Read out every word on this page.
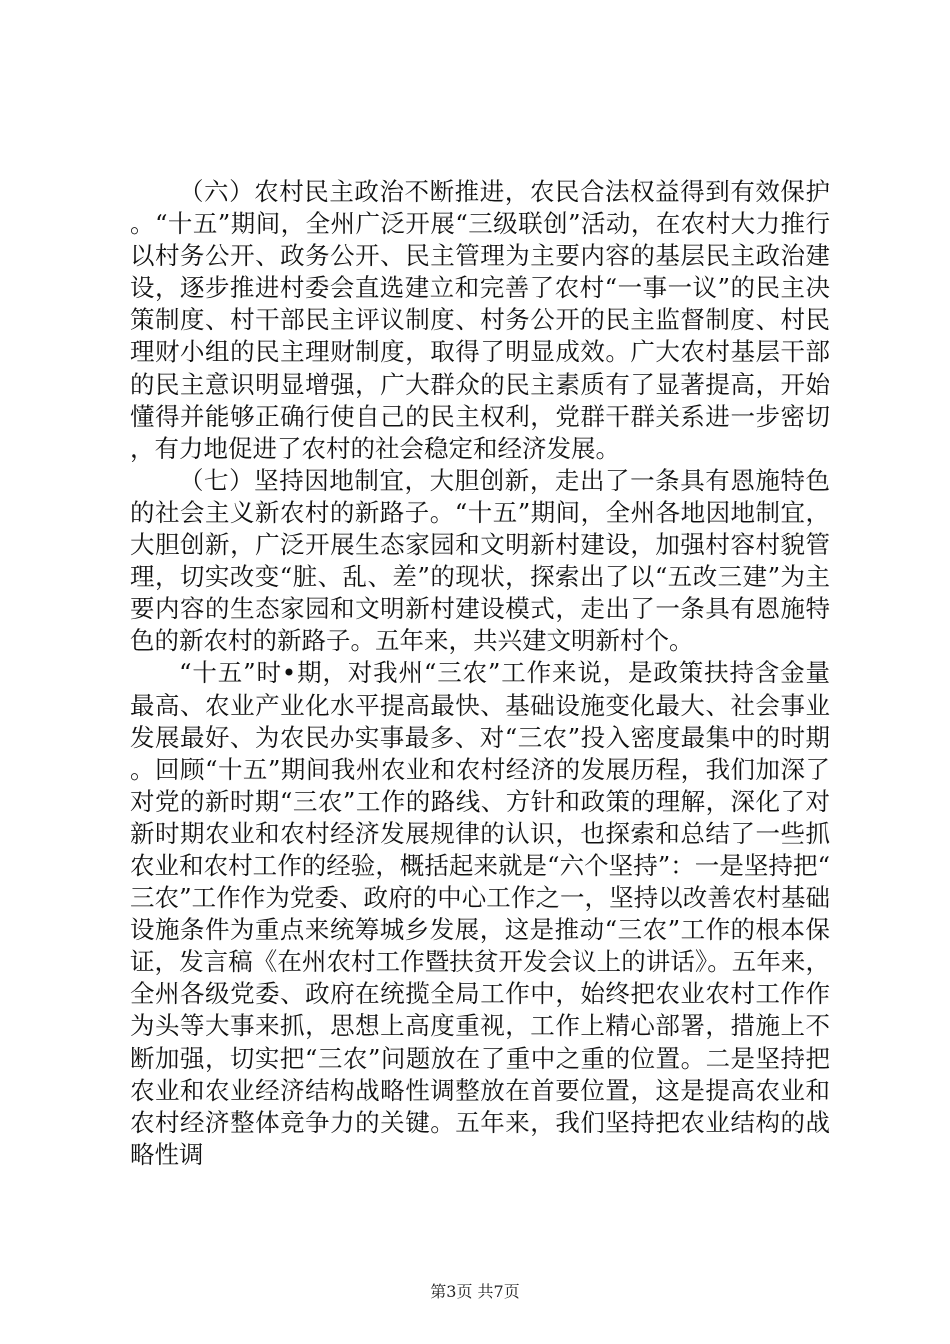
（六）农村民主政治不断推进，农民合法权益得到有效保护。“十五”期间，全州广泛开展“三级联创”活动，在农村大力推行以村务公开、政务公开、民主管理为主要内容的基层民主政治建设，逐步推进村委会直选建立和完善了农村“一事一议”的民主决策制度、村干部民主评议制度、村务公开的民主监督制度、村民理财小组的民主理财制度，取得了明显成效。广大农村基层干部的民主意识明显增强，广大群众的民主素质有了显著提高，开始懂得并能够正确行使自己的民主权利，党群干群关系进一步密切，有力地促进了农村的社会稳定和经济发展。

（七）坚持因地制宜，大胆创新，走出了一条具有恩施特色的社会主义新农村的新路子。“十五”期间，全州各地因地制宜，大胆创新，广泛开展生态家园和文明新村建设，加强村容村貌管理，切实改变“脏、乱、差”的现状，探索出了以“五改三建”为主要内容的生态家园和文明新村建设模式，走出了一条具有恩施特色的新农村的新路子。五年来，共兴建文明新村个。

“十五”时•期，对我州“三农”工作来说，是政策扶持含金量最高、农业产业化水平提高最快、基础设施变化最大、社会事业发展最好、为农民办实事最多、对“三农”投入密度最集中的时期。回顾“十五”期间我州农业和农村经济的发展历程，我们加深了对党的新时期“三农”工作的路线、方针和政策的理解，深化了对新时期农业和农村经济发展规律的认识，也探索和总结了一些抓农业和农村工作的经验，概括起来就是“六个坚持”：一是坚持把“三农”工作作为党委、政府的中心工作之一，坚持以改善农村基础设施条件为重点来统筹城乡发展，这是推动“三农”工作的根本保证，发言稿《在州农村工作暨扶贫开发会议上的讲话》。五年来，全州各级党委、政府在统揽全局工作中，始终把农业农村工作作为头等大事来抓，思想上高度重视，工作上精心部署，措施上不断加强，切实把“三农”问题放在了重中之重的位置。二是坚持把农业和农业经济结构战略性调整放在首要位置，这是提高农业和农村经济整体竞争力的关键。五年来，我们坚持把农业结构的战略性调

第3页 共7页
